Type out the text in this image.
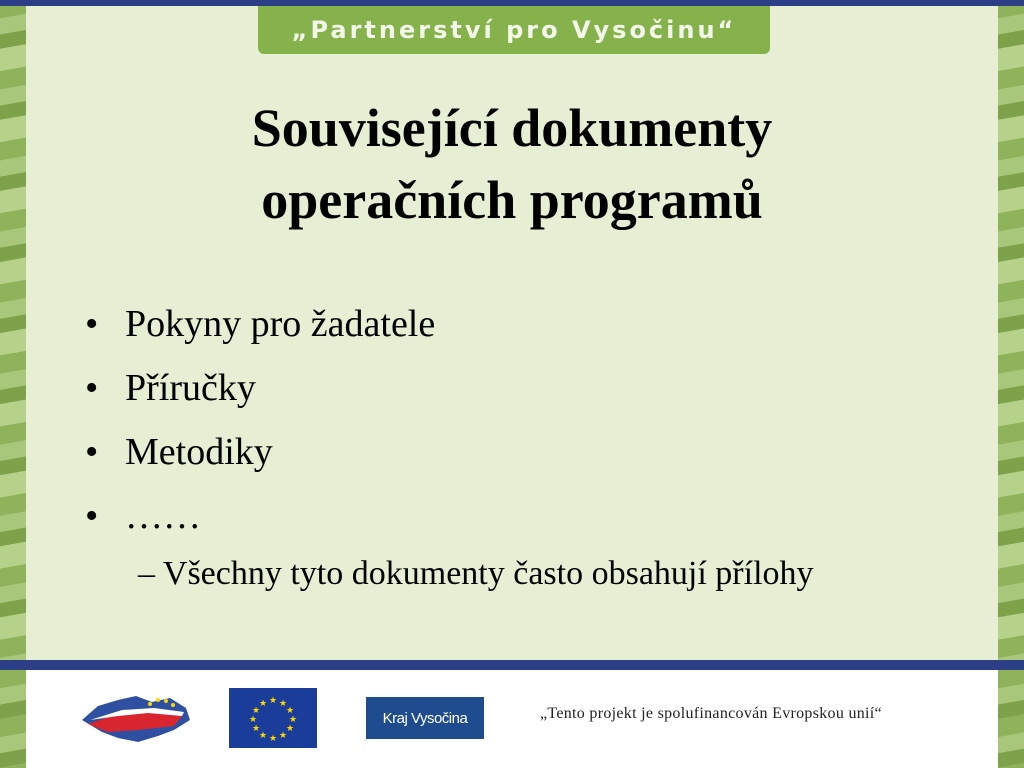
„Partnerství pro Vysočinu“
Související dokumenty
operačních programů
• Pokyny pro žadatele
• Příručky
• Metodiky
• ……
– Všechny tyto dokumenty často obsahují přílohy
★ ★
★
★
★
★
★
★
★
★
★
★
Kraj Vysočina	„Tento projekt je spolufinancován Evropskou unií“
